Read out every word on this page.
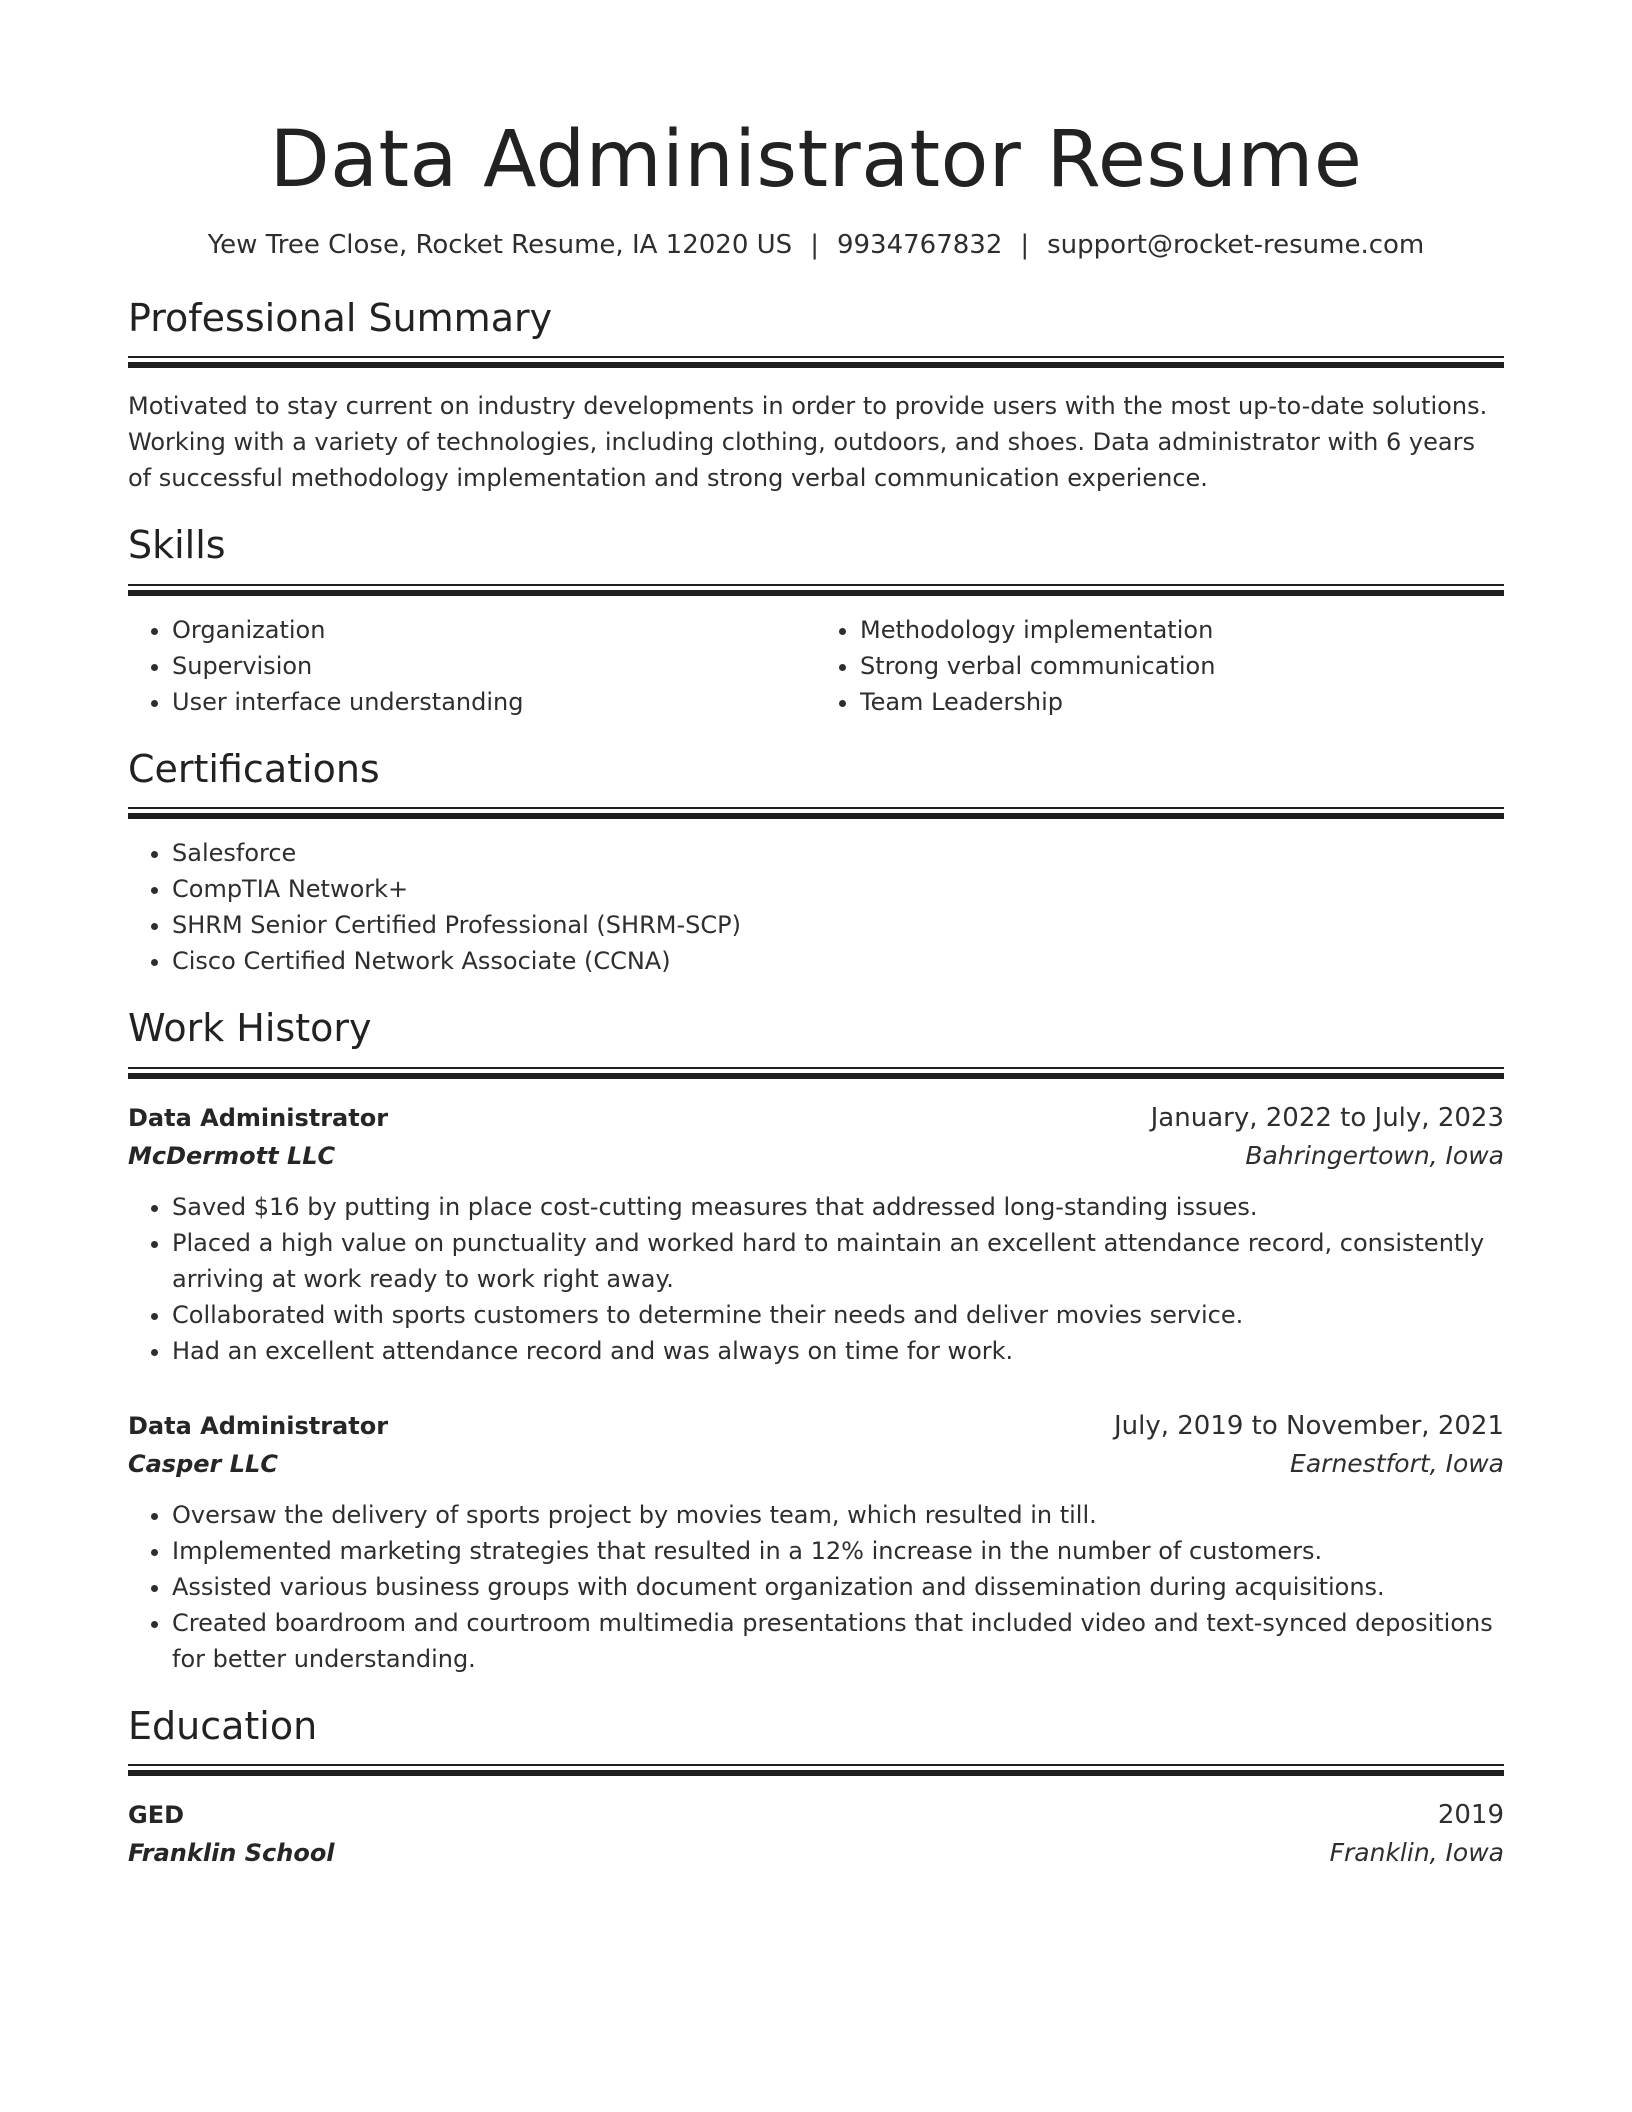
Data Administrator Resume
Yew Tree Close, Rocket Resume, IA 12020 US | 9934767832 | support@rocket-resume.com
Professional Summary

Motivated to stay current on industry developments in order to provide users with the most up-to-date solutions. Working with a variety of technologies, including clothing, outdoors, and shoes. Data administrator with 6 years of successful methodology implementation and strong verbal communication experience.

Skills
• Organization
• Supervision
• User interface understanding
• Methodology implementation
• Strong verbal communication
• Team Leadership
Certifications
• Salesforce
• CompTIA Network+
• SHRM Senior Certified Professional (SHRM-SCP)
• Cisco Certified Network Associate (CCNA)
Work History
Data Administrator	January, 2022 to July, 2023
McDermott LLC	Bahringertown, Iowa
• Saved $16 by putting in place cost-cutting measures that addressed long-standing issues.
• Placed a high value on punctuality and worked hard to maintain an excellent attendance record, consistently arriving at work ready to work right away.
• Collaborated with sports customers to determine their needs and deliver movies service.
• Had an excellent attendance record and was always on time for work.
Data Administrator	July, 2019 to November, 2021
Casper LLC	Earnestfort, Iowa
• Oversaw the delivery of sports project by movies team, which resulted in till.
• Implemented marketing strategies that resulted in a 12% increase in the number of customers.
• Assisted various business groups with document organization and dissemination during acquisitions.
• Created boardroom and courtroom multimedia presentations that included video and text-synced depositions for better understanding.
Education
GED	2019
Franklin School	Franklin, Iowa
